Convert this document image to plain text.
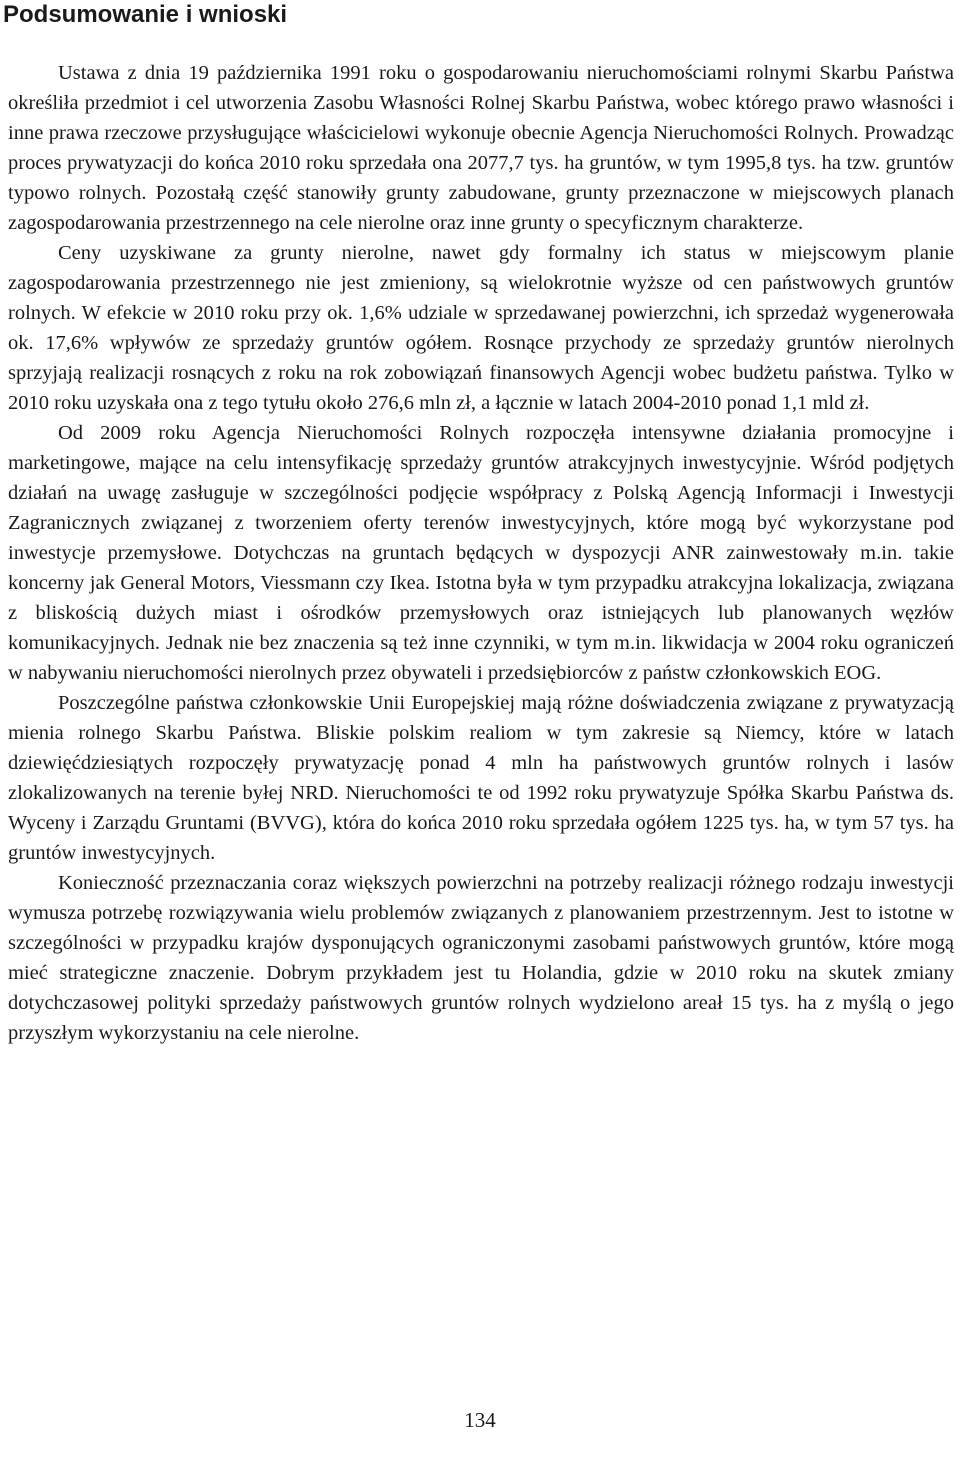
Podsumowanie i wnioski

Ustawa z dnia 19 października 1991 roku o gospodarowaniu nieruchomościami rolnymi Skarbu Państwa określiła przedmiot i cel utworzenia Zasobu Własności Rolnej Skarbu Państwa, wobec którego prawo własności i inne prawa rzeczowe przysługujące właścicielowi wykonuje obecnie Agencja Nieruchomości Rolnych. Prowadząc proces prywatyzacji do końca 2010 roku sprzedała ona 2077,7 tys. ha gruntów, w tym 1995,8 tys. ha tzw. gruntów typowo rolnych. Pozostałą część stanowiły grunty zabudowane, grunty przeznaczone w miejscowych planach zagospodarowania przestrzennego na cele nierolne oraz inne grunty o specyficznym charakterze.

Ceny uzyskiwane za grunty nierolne, nawet gdy formalny ich status w miejscowym planie zagospodarowania przestrzennego nie jest zmieniony, są wielokrotnie wyższe od cen państwowych gruntów rolnych. W efekcie w 2010 roku przy ok. 1,6% udziale w sprzedawanej powierzchni, ich sprzedaż wygenerowała ok. 17,6% wpływów ze sprzedaży gruntów ogółem. Rosnące przychody ze sprzedaży gruntów nierolnych sprzyjają realizacji rosnących z roku na rok zobowiązań finansowych Agencji wobec budżetu państwa. Tylko w 2010 roku uzyskała ona z tego tytułu około 276,6 mln zł, a łącznie w latach 2004-2010 ponad 1,1 mld zł.

Od 2009 roku Agencja Nieruchomości Rolnych rozpoczęła intensywne działania promocyjne i marketingowe, mające na celu intensyfikację sprzedaży gruntów atrakcyjnych inwestycyjnie. Wśród podjętych działań na uwagę zasługuje w szczególności podjęcie współpracy z Polską Agencją Informacji i Inwestycji Zagranicznych związanej z tworzeniem oferty terenów inwestycyjnych, które mogą być wykorzystane pod inwestycje przemysłowe. Dotychczas na gruntach będących w dyspozycji ANR zainwestowały m.in. takie koncerny jak General Motors, Viessmann czy Ikea. Istotna była w tym przypadku atrakcyjna lokalizacja, związana z bliskością dużych miast i ośrodków przemysłowych oraz istniejących lub planowanych węzłów komunikacyjnych. Jednak nie bez znaczenia są też inne czynniki, w tym m.in. likwidacja w 2004 roku ograniczeń w nabywaniu nieruchomości nierolnych przez obywateli i przedsiębiorców z państw członkowskich EOG.

Poszczególne państwa członkowskie Unii Europejskiej mają różne doświadczenia związane z prywatyzacją mienia rolnego Skarbu Państwa. Bliskie polskim realiom w tym zakresie są Niemcy, które w latach dziewięćdziesiątych rozpoczęły prywatyzację ponad 4 mln ha państwowych gruntów rolnych i lasów zlokalizowanych na terenie byłej NRD. Nieruchomości te od 1992 roku prywatyzuje Spółka Skarbu Państwa ds. Wyceny i Zarządu Gruntami (BVVG), która do końca 2010 roku sprzedała ogółem 1225 tys. ha, w tym 57 tys. ha gruntów inwestycyjnych.

Konieczność przeznaczania coraz większych powierzchni na potrzeby realizacji różnego rodzaju inwestycji wymusza potrzebę rozwiązywania wielu problemów związanych z planowaniem przestrzennym. Jest to istotne w szczególności w przypadku krajów dysponujących ograniczonymi zasobami państwowych gruntów, które mogą mieć strategiczne znaczenie. Dobrym przykładem jest tu Holandia, gdzie w 2010 roku na skutek zmiany dotychczasowej polityki sprzedaży państwowych gruntów rolnych wydzielono areał 15 tys. ha z myślą o jego przyszłym wykorzystaniu na cele nierolne.

134
